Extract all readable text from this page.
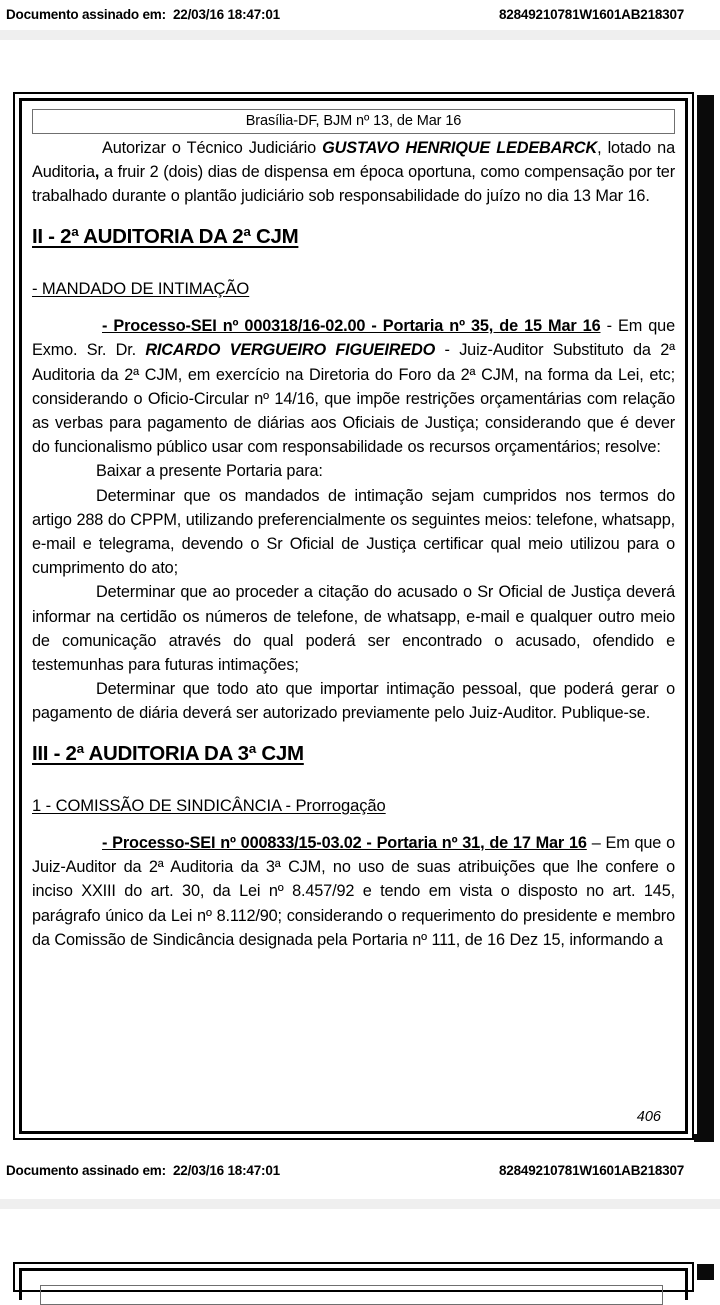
Documento assinado em: 22/03/16 18:47:01	82849210781W1601AB218307
Brasília-DF, BJM nº 13, de Mar 16

Autorizar o Técnico Judiciário GUSTAVO HENRIQUE LEDEBARCK, lotado na Auditoria, a fruir 2 (dois) dias de dispensa em época oportuna, como compensação por ter trabalhado durante o plantão judiciário sob responsabilidade do juízo no dia 13 Mar 16.

II - 2ª AUDITORIA DA 2ª CJM
- MANDADO DE INTIMAÇÃO

- Processo-SEI nº 000318/16-02.00 - Portaria nº 35, de 15 Mar 16 - Em que Exmo. Sr. Dr. RICARDO VERGUEIRO FIGUEIREDO - Juiz-Auditor Substituto da 2ª Auditoria da 2ª CJM, em exercício na Diretoria do Foro da 2ª CJM, na forma da Lei, etc; considerando o Oficio-Circular nº 14/16, que impõe restrições orçamentárias com relação as verbas para pagamento de diárias aos Oficiais de Justiça; considerando que é dever do funcionalismo público usar com responsabilidade os recursos orçamentários; resolve:

Baixar a presente Portaria para:

Determinar que os mandados de intimação sejam cumpridos nos termos do artigo 288 do CPPM, utilizando preferencialmente os seguintes meios: telefone, whatsapp, e-mail e telegrama, devendo o Sr Oficial de Justiça certificar qual meio utilizou para o cumprimento do ato;

Determinar que ao proceder a citação do acusado o Sr Oficial de Justiça deverá informar na certidão os números de telefone, de whatsapp, e-mail e qualquer outro meio de comunicação através do qual poderá ser encontrado o acusado, ofendido e testemunhas para futuras intimações;

Determinar que todo ato que importar intimação pessoal, que poderá gerar o pagamento de diária deverá ser autorizado previamente pelo Juiz-Auditor. Publique-se.

III - 2ª AUDITORIA DA 3ª CJM
1 - COMISSÃO DE SINDICÂNCIA - Prorrogação

- Processo-SEI nº 000833/15-03.02 - Portaria nº 31, de 17 Mar 16 – Em que o Juiz-Auditor da 2ª Auditoria da 3ª CJM, no uso de suas atribuições que lhe confere o inciso XXIII do art. 30, da Lei nº 8.457/92 e tendo em vista o disposto no art. 145, parágrafo único da Lei nº 8.112/90; considerando o requerimento do presidente e membro da Comissão de Sindicância designada pela Portaria nº 111, de 16 Dez 15, informando a

406
Documento assinado em: 22/03/16 18:47:01	82849210781W1601AB218307
